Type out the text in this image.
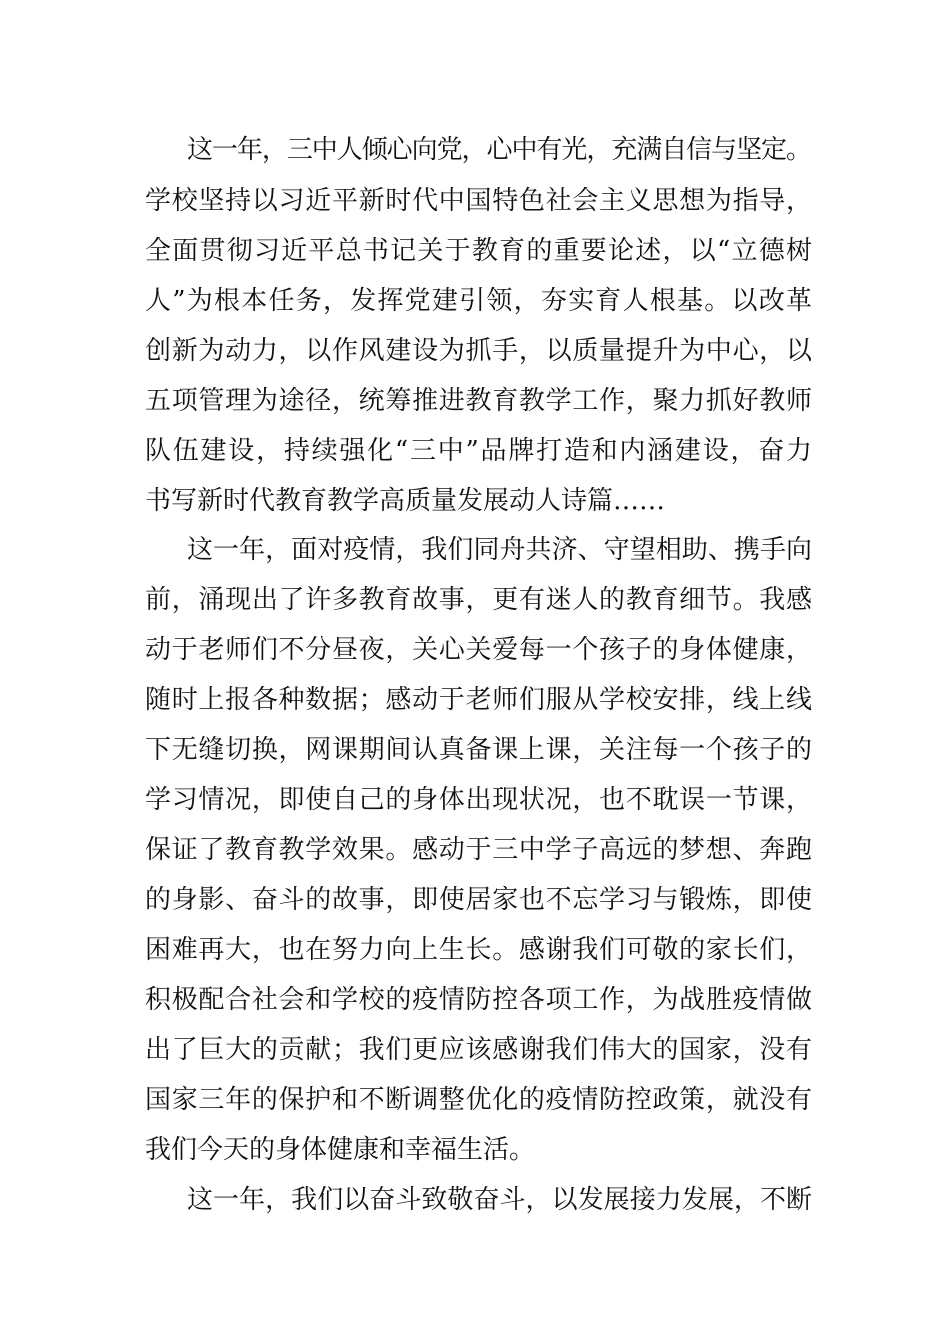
这一年，三中人倾心向党，心中有光，充满自信与坚定。
学校坚持以习近平新时代中国特色社会主义思想为指导，
全面贯彻习近平总书记关于教育的重要论述，以“立德树
人”为根本任务，发挥党建引领，夯实育人根基。以改革
创新为动力，以作风建设为抓手，以质量提升为中心，以
五项管理为途径，统筹推进教育教学工作，聚力抓好教师
队伍建设，持续强化“三中”品牌打造和内涵建设，奋力
书写新时代教育教学高质量发展动人诗篇……
这一年，面对疫情，我们同舟共济、守望相助、携手向
前，涌现出了许多教育故事，更有迷人的教育细节。我感
动于老师们不分昼夜，关心关爱每一个孩子的身体健康，
随时上报各种数据；感动于老师们服从学校安排，线上线
下无缝切换，网课期间认真备课上课，关注每一个孩子的
学习情况，即使自己的身体出现状况，也不耽误一节课，
保证了教育教学效果。感动于三中学子高远的梦想、奔跑
的身影、奋斗的故事，即使居家也不忘学习与锻炼，即使
困难再大，也在努力向上生长。感谢我们可敬的家长们，
积极配合社会和学校的疫情防控各项工作，为战胜疫情做
出了巨大的贡献；我们更应该感谢我们伟大的国家，没有
国家三年的保护和不断调整优化的疫情防控政策，就没有
我们今天的身体健康和幸福生活。
这一年，我们以奋斗致敬奋斗，以发展接力发展，不断
